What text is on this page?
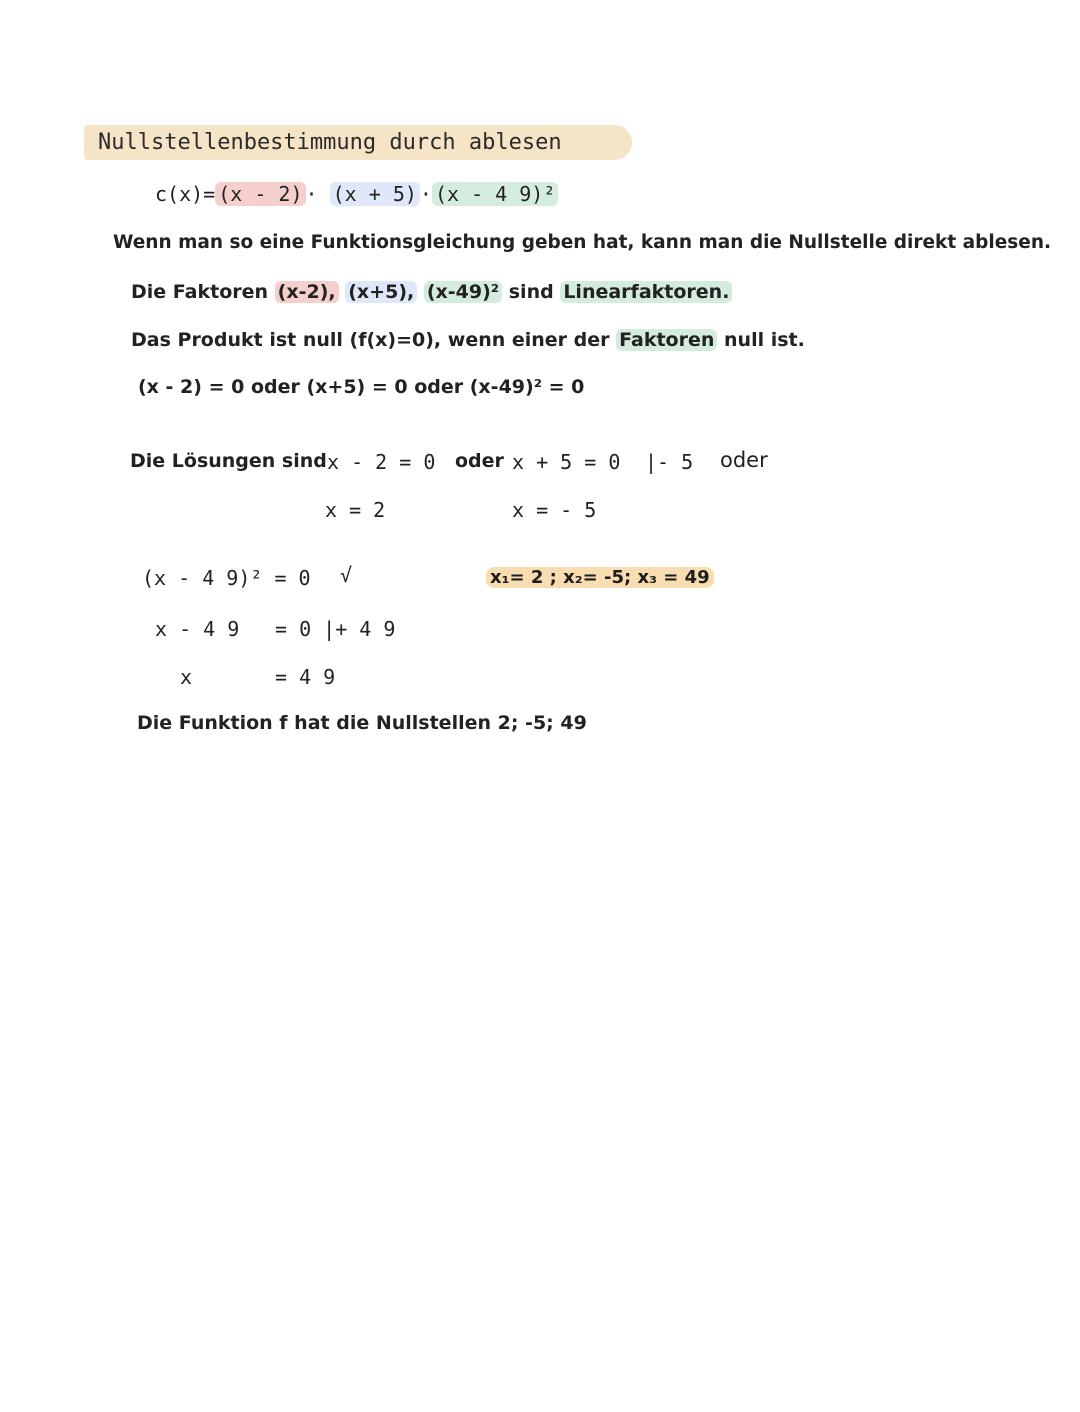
Nullstellenbestimmung durch ablesen
c(x)= (x - 2) · (x + 5) · (x - 4 9)²
Wenn man so eine Funktionsgleichung geben hat, kann man die Nullstelle direkt ablesen.
Die Faktoren (x-2), (x+5), (x-49)² sind Linearfaktoren.
Das Produkt ist null (f(x)=0), wenn einer der Faktoren null ist.
(x - 2) = 0 oder (x+5) = 0 oder (x-49)² = 0
Die Lösungen sind x - 2 = 0 oder x + 5 = 0 |- 5 oder
x = 2	x = - 5
(x - 4 9)² = 0 √	x₁= 2 ; x₂= -5; x₃ = 49
x - 4 9 = 0 |+ 4 9
x	= 4 9
Die Funktion f hat die Nullstellen 2; -5; 49
